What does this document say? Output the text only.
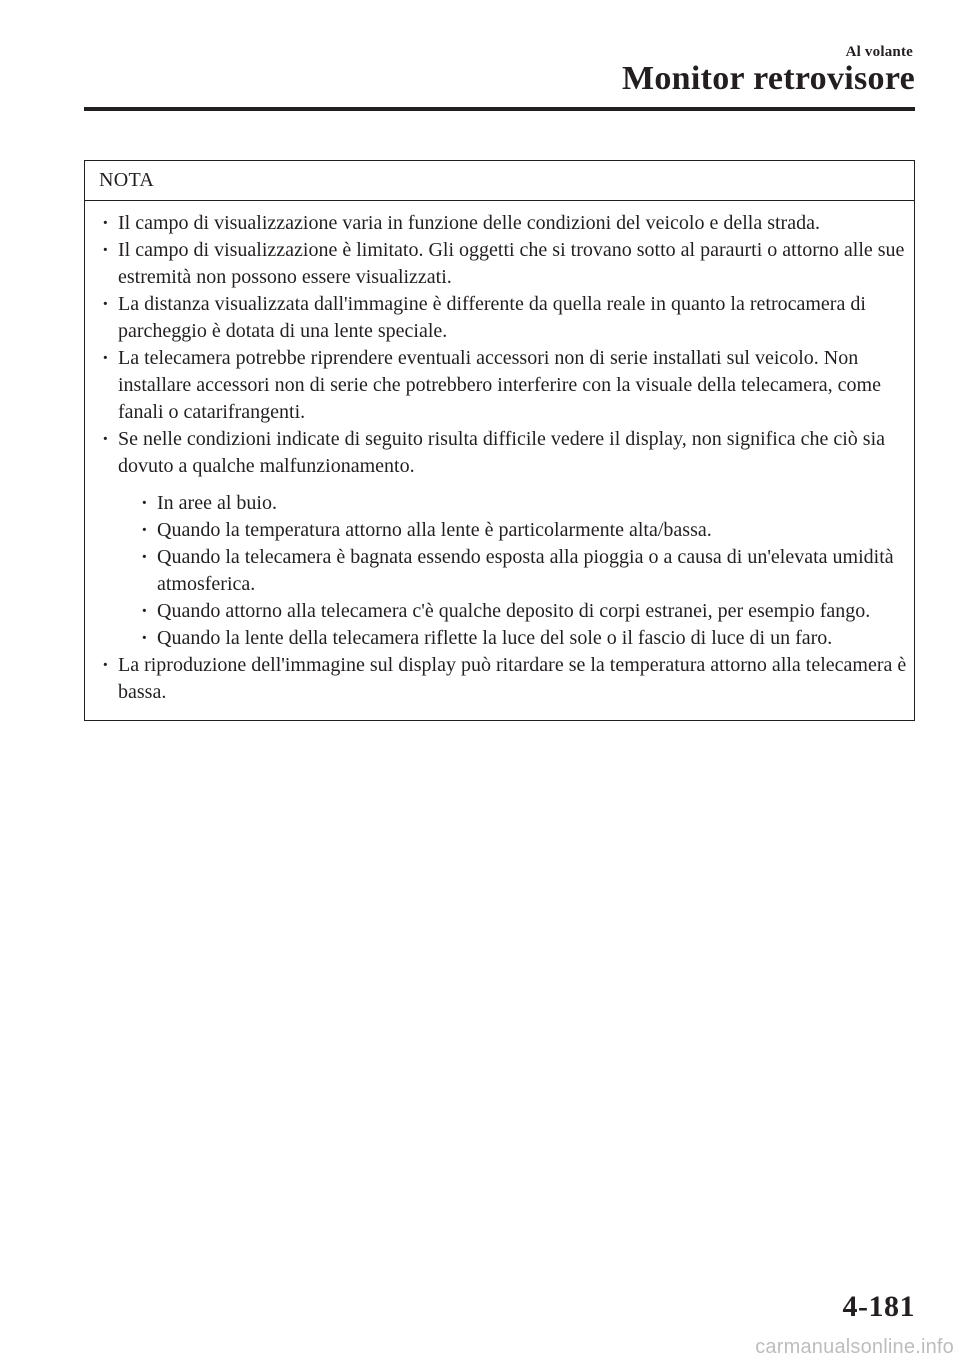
Al volante
Monitor retrovisore
NOTA
· Il campo di visualizzazione varia in funzione delle condizioni del veicolo e della strada.
· Il campo di visualizzazione è limitato. Gli oggetti che si trovano sotto al paraurti o attorno alle sue estremità non possono essere visualizzati.
· La distanza visualizzata dall'immagine è differente da quella reale in quanto la retrocamera di parcheggio è dotata di una lente speciale.
· La telecamera potrebbe riprendere eventuali accessori non di serie installati sul veicolo. Non installare accessori non di serie che potrebbero interferire con la visuale della telecamera, come fanali o catarifrangenti.
· Se nelle condizioni indicate di seguito risulta difficile vedere il display, non significa che ciò sia dovuto a qualche malfunzionamento.
· In aree al buio.
· Quando la temperatura attorno alla lente è particolarmente alta/bassa.
· Quando la telecamera è bagnata essendo esposta alla pioggia o a causa di un'elevata umidità atmosferica.
· Quando attorno alla telecamera c'è qualche deposito di corpi estranei, per esempio fango.
· Quando la lente della telecamera riflette la luce del sole o il fascio di luce di un faro.
· La riproduzione dell'immagine sul display può ritardare se la temperatura attorno alla telecamera è bassa.
4-181
carmanualsonline.info
